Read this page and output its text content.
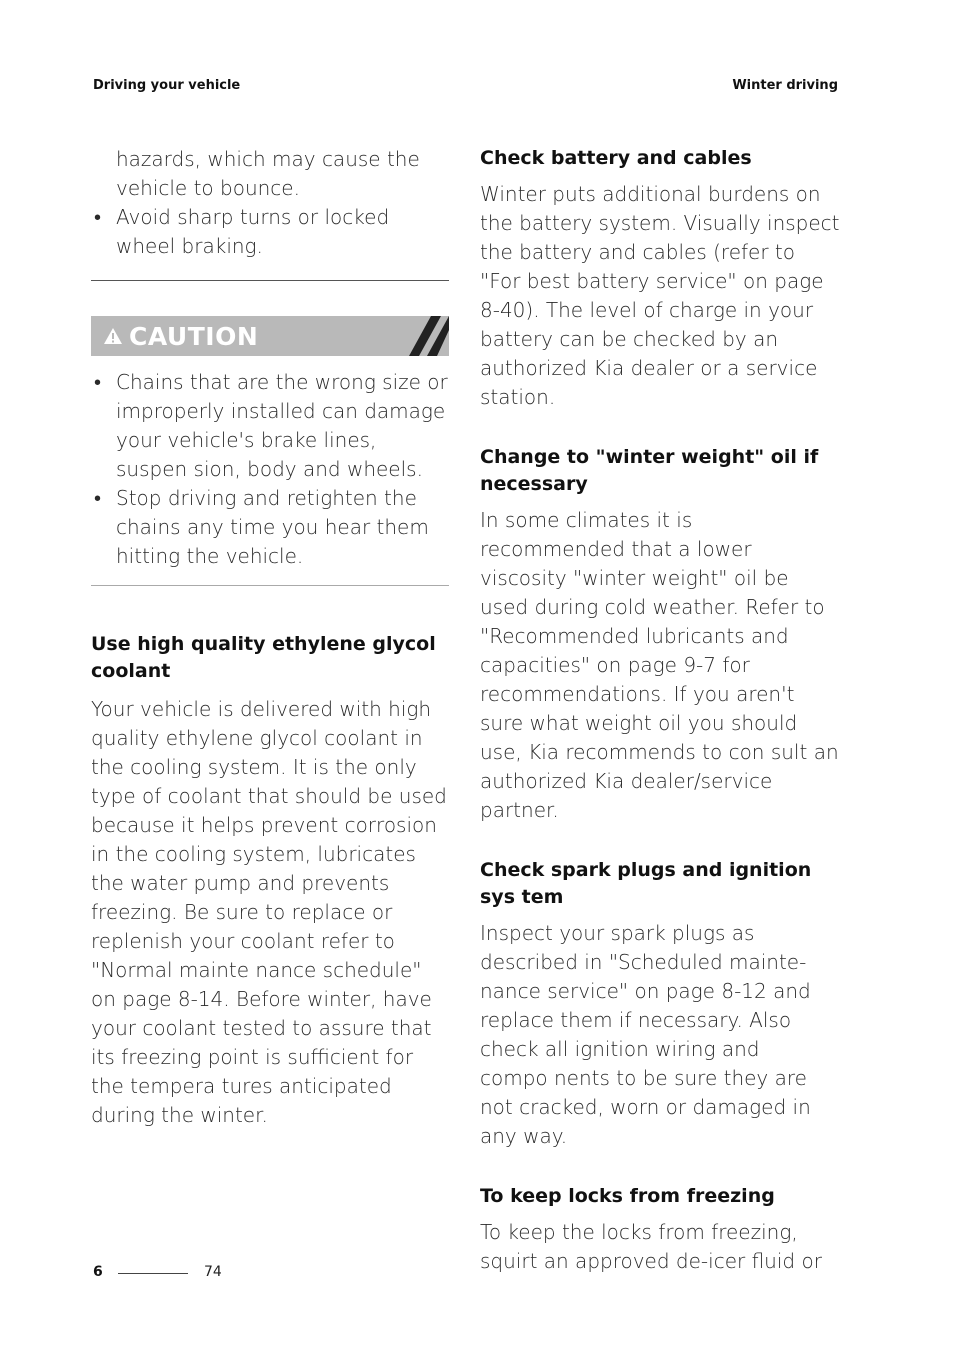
Driving your vehicle	Winter driving

hazards, which may cause the vehicle to bounce.

• Avoid sharp turns or locked wheel braking.
CAUTION
• Chains that are the wrong size or improperly installed can damage your vehicle's brake lines, suspen sion, body and wheels.
• Stop driving and retighten the chains any time you hear them hitting the vehicle.
Use high quality ethylene glycol coolant

Your vehicle is delivered with high quality ethylene glycol coolant in the cooling system. It is the only type of coolant that should be used because it helps prevent corrosion in the cooling system, lubricates the water pump and prevents freezing. Be sure to replace or replenish your coolant refer to "Normal mainte nance schedule" on page 8-14. Before winter, have your coolant tested to assure that its freezing point is sufficient for the tempera tures anticipated during the winter.

Check battery and cables

Winter puts additional burdens on the battery system. Visually inspect the battery and cables (refer to "For best battery service" on page 8-40). The level of charge in your battery can be checked by an authorized Kia dealer or a service station.

Change to "winter weight" oil if necessary

In some climates it is recommended that a lower viscosity "winter weight" oil be used during cold weather. Refer to "Recommended lubricants and capacities" on page 9-7 for recommendations. If you aren't sure what weight oil you should use, Kia recommends to con sult an authorized Kia dealer/service partner.

Check spark plugs and ignition sys tem

Inspect your spark plugs as described in "Scheduled mainte nance service" on page 8-12 and replace them if necessary. Also check all ignition wiring and compo nents to be sure they are not cracked, worn or damaged in any way.

To keep locks from freezing

To keep the locks from freezing, squirt an approved de-icer fluid or

6	74
